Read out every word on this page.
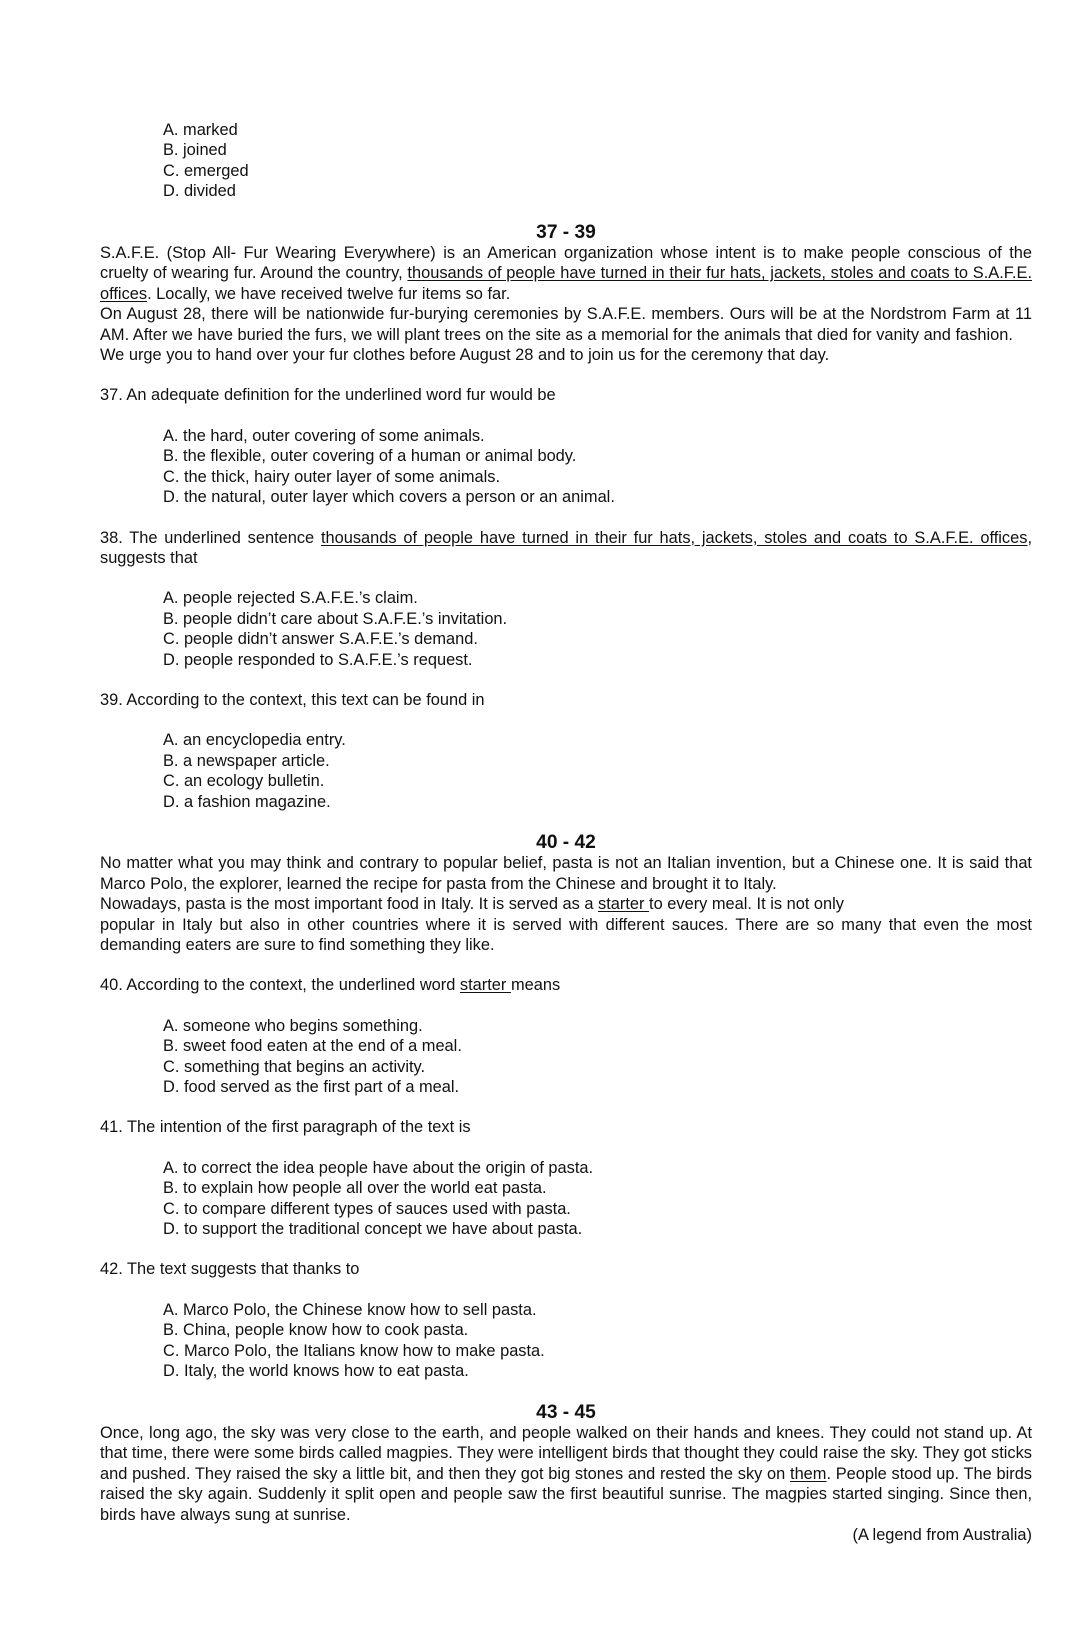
A. marked
B. joined
C. emerged
D. divided
37 - 39

S.A.F.E. (Stop All- Fur Wearing Everywhere) is an American organization whose intent is to make people conscious of the cruelty of wearing fur. Around the country, thousands of people have turned in their fur hats, jackets, stoles and coats to S.A.F.E. offices. Locally, we have received twelve fur items so far.

On August 28, there will be nationwide fur-burying ceremonies by S.A.F.E. members. Ours will be at the Nordstrom Farm at 11 AM. After we have buried the furs, we will plant trees on the site as a memorial for the animals that died for vanity and fashion.

We urge you to hand over your fur clothes before August 28 and to join us for the ceremony that day.

37. An adequate definition for the underlined word fur would be

A. the hard, outer covering of some animals.
B. the flexible, outer covering of a human or animal body.
C. the thick, hairy outer layer of some animals.
D. the natural, outer layer which covers a person or an animal.

38. The underlined sentence thousands of people have turned in their fur hats, jackets, stoles and coats to S.A.F.E. offices, suggests that

A. people rejected S.A.F.E.’s claim.
B. people didn’t care about S.A.F.E.’s invitation.
C. people didn’t answer S.A.F.E.’s demand.
D. people responded to S.A.F.E.’s request.

39. According to the context, this text can be found in

A. an encyclopedia entry.
B. a newspaper article.
C. an ecology bulletin.
D. a fashion magazine.
40 - 42

No matter what you may think and contrary to popular belief, pasta is not an Italian invention, but a Chinese one. It is said that Marco Polo, the explorer, learned the recipe for pasta from the Chinese and brought it to Italy.

Nowadays, pasta is the most important food in Italy. It is served as a starter to every meal. It is not only

popular in Italy but also in other countries where it is served with different sauces. There are so many that even the most demanding eaters are sure to find something they like.

40. According to the context, the underlined word starter means

A. someone who begins something.
B. sweet food eaten at the end of a meal.
C. something that begins an activity.
D. food served as the first part of a meal.

41. The intention of the first paragraph of the text is

A. to correct the idea people have about the origin of pasta.
B. to explain how people all over the world eat pasta.
C. to compare different types of sauces used with pasta.
D. to support the traditional concept we have about pasta.

42. The text suggests that thanks to

A. Marco Polo, the Chinese know how to sell pasta.
B. China, people know how to cook pasta.
C. Marco Polo, the Italians know how to make pasta.
D. Italy, the world knows how to eat pasta.
43 - 45

Once, long ago, the sky was very close to the earth, and people walked on their hands and knees. They could not stand up. At that time, there were some birds called magpies. They were intelligent birds that thought they could raise the sky. They got sticks and pushed. They raised the sky a little bit, and then they got big stones and rested the sky on them. People stood up. The birds raised the sky again. Suddenly it split open and people saw the first beautiful sunrise. The magpies started singing. Since then, birds have always sung at sunrise.

(A legend from Australia)
